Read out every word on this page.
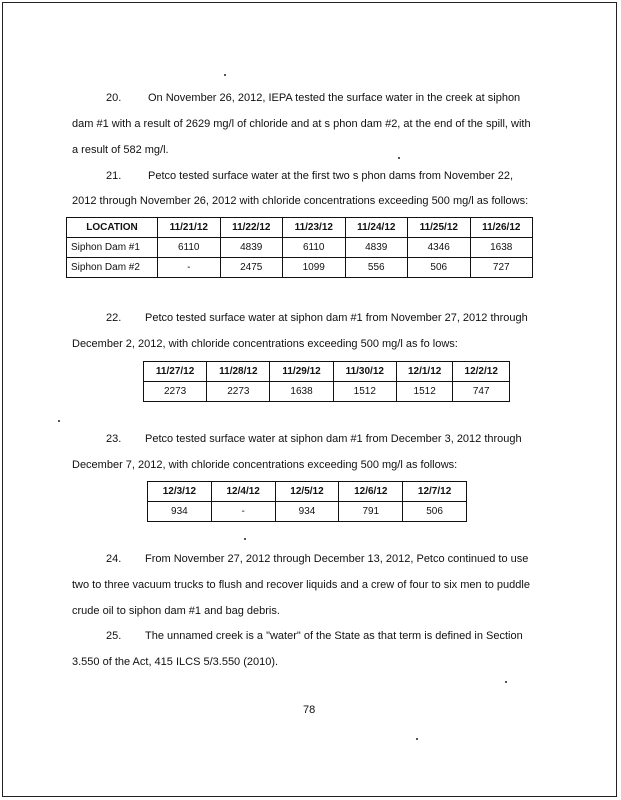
20. On November 26, 2012, IEPA tested the surface water in the creek at siphon
dam #1 with a result of 2629 mg/l of chloride and at s phon dam #2, at the end of the spill, with
a result of 582 mg/l.
21. Petco tested surface water at the first two s phon dams from November 22,
2012 through November 26, 2012 with chloride concentrations exceeding 500 mg/l as follows:
LOCATION	11/21/12	11/22/12	11/23/12	11/24/12	11/25/12	11/26/12
Siphon Dam #1	6110	4839	6110	4839	4346	1638
Siphon Dam #2	-	2475	1099	556	506	727
22. Petco tested surface water at siphon dam #1 from November 27, 2012 through
December 2, 2012, with chloride concentrations exceeding 500 mg/l as fo lows:
11/27/12	11/28/12	11/29/12	11/30/12	12/1/12	12/2/12
2273	2273	1638	1512	1512	747
23. Petco tested surface water at siphon dam #1 from December 3, 2012 through
December 7, 2012, with chloride concentrations exceeding 500 mg/l as follows:
12/3/12	12/4/12	12/5/12	12/6/12	12/7/12
934	-	934	791	506
24. From November 27, 2012 through December 13, 2012, Petco continued to use
two to three vacuum trucks to flush and recover liquids and a crew of four to six men to puddle
crude oil to siphon dam #1 and bag debris.
25. The unnamed creek is a "water" of the State as that term is defined in Section
3.550 of the Act, 415 ILCS 5/3.550 (2010).
78
